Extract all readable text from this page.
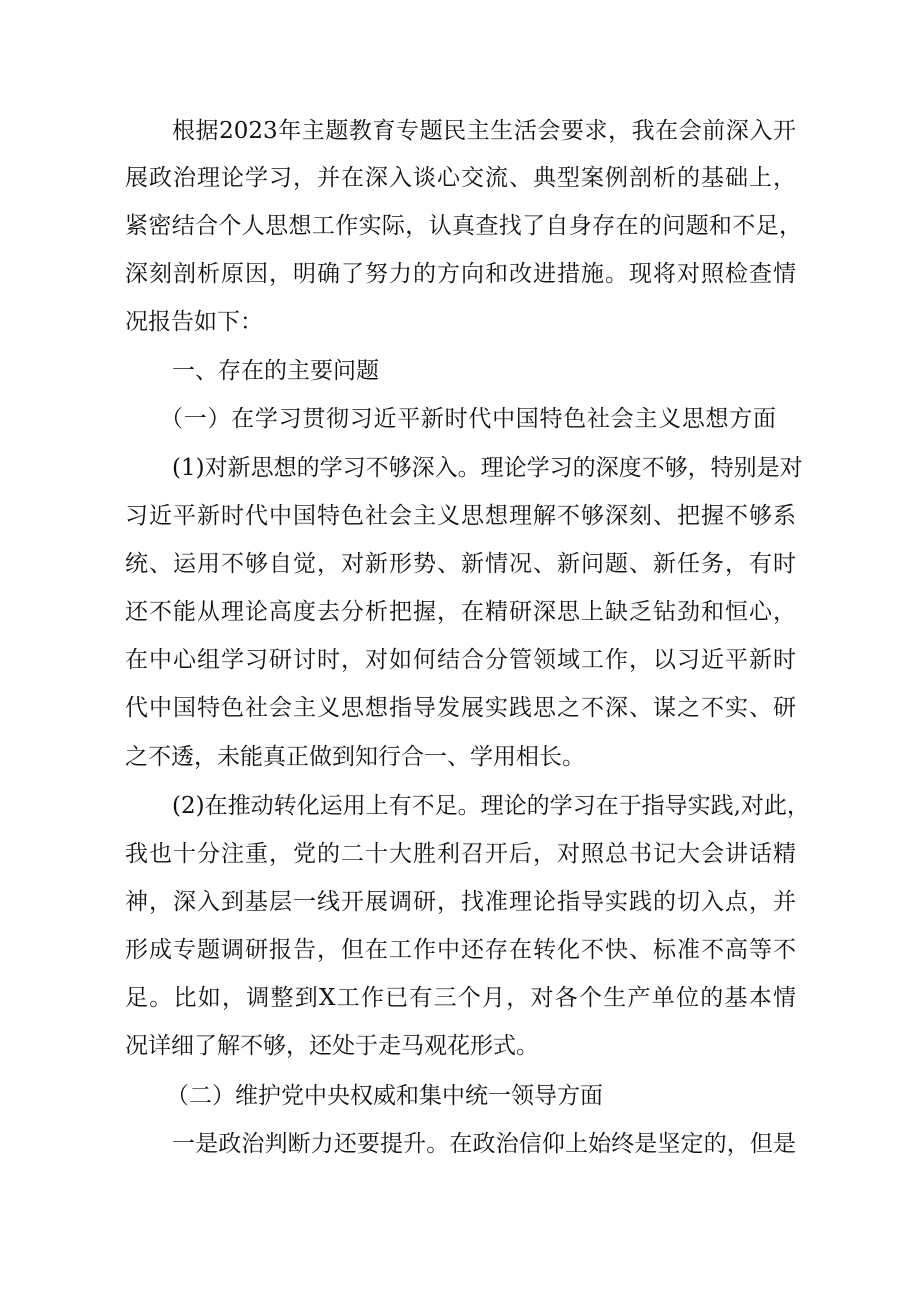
根据2023年主题教育专题民主生活会要求，我在会前深入开
展政治理论学习，并在深入谈心交流、典型案例剖析的基础上，
紧密结合个人思想工作实际，认真查找了自身存在的问题和不足，
深刻剖析原因，明确了努力的方向和改进措施。现将对照检查情
况报告如下：
一、存在的主要问题
（一）在学习贯彻习近平新时代中国特色社会主义思想方面
(1)对新思想的学习不够深入。理论学习的深度不够，特别是对
习近平新时代中国特色社会主义思想理解不够深刻、把握不够系
统、运用不够自觉，对新形势、新情况、新问题、新任务，有时
还不能从理论高度去分析把握，在精研深思上缺乏钻劲和恒心，
在中心组学习研讨时，对如何结合分管领域工作，以习近平新时
代中国特色社会主义思想指导发展实践思之不深、谋之不实、研
之不透，未能真正做到知行合一、学用相长。
(2)在推动转化运用上有不足。理论的学习在于指导实践,对此，
我也十分注重，党的二十大胜利召开后，对照总书记大会讲话精
神，深入到基层一线开展调研，找准理论指导实践的切入点，并
形成专题调研报告，但在工作中还存在转化不快、标准不高等不
足。比如，调整到X工作已有三个月，对各个生产单位的基本情
况详细了解不够，还处于走马观花形式。
（二）维护党中央权威和集中统一领导方面
一是政治判断力还要提升。在政治信仰上始终是坚定的，但是
